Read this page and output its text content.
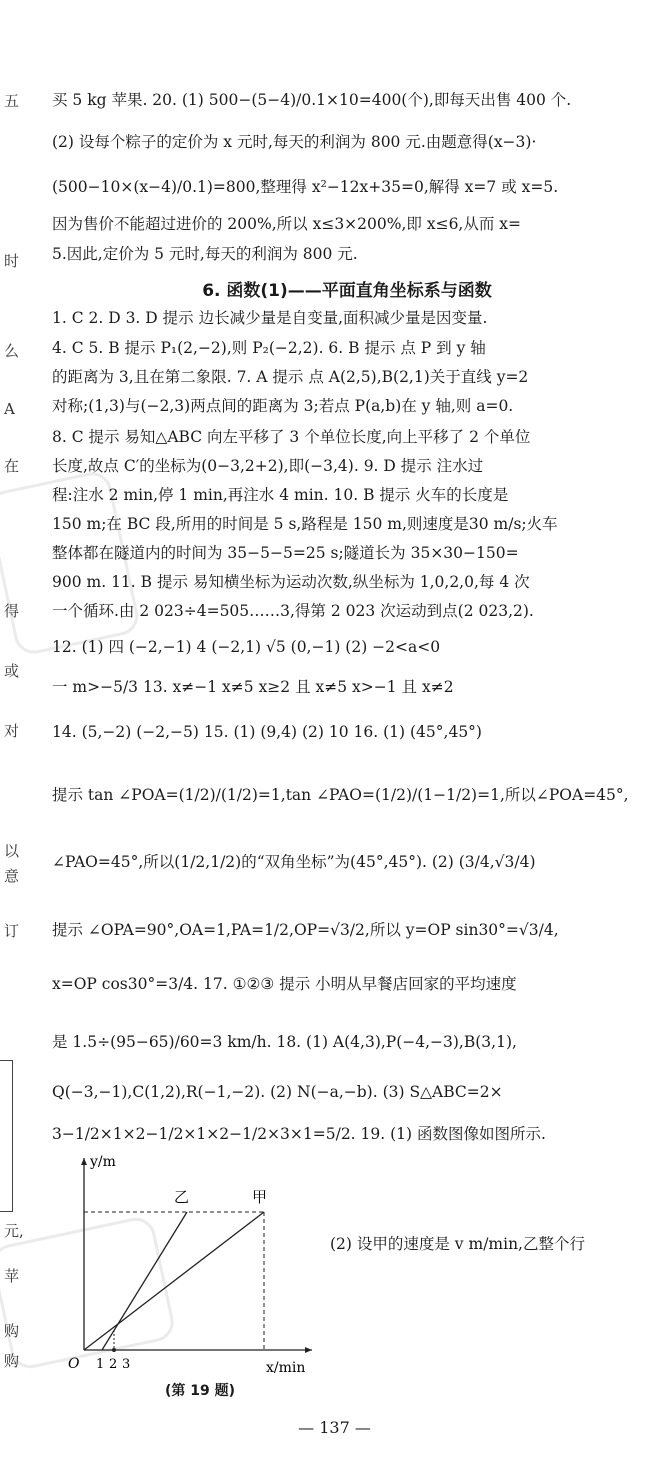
五
时
么
A
在
得
或
对
以
意
订
元,
苹
购
购
买 5 kg 苹果. 20. (1) 500−(5−4)/0.1×10=400(个),即每天出售 400 个.
(2) 设每个粽子的定价为 x 元时,每天的利润为 800 元.由题意得(x−3)·
(500−10×(x−4)/0.1)=800,整理得 x²−12x+35=0,解得 x=7 或 x=5.
因为售价不能超过进价的 200%,所以 x≤3×200%,即 x≤6,从而 x=
5.因此,定价为 5 元时,每天的利润为 800 元.
6. 函数(1)——平面直角坐标系与函数
1. C 2. D 3. D 提示 边长减少量是自变量,面积减少量是因变量.
4. C 5. B 提示 P₁(2,−2),则 P₂(−2,2). 6. B 提示 点 P 到 y 轴
的距离为 3,且在第二象限. 7. A 提示 点 A(2,5),B(2,1)关于直线 y=2
对称;(1,3)与(−2,3)两点间的距离为 3;若点 P(a,b)在 y 轴,则 a=0.
8. C 提示 易知△ABC 向左平移了 3 个单位长度,向上平移了 2 个单位
长度,故点 C′的坐标为(0−3,2+2),即(−3,4). 9. D 提示 注水过
程:注水 2 min,停 1 min,再注水 4 min. 10. B 提示 火车的长度是
150 m;在 BC 段,所用的时间是 5 s,路程是 150 m,则速度是30 m/s;火车
整体都在隧道内的时间为 35−5−5=25 s;隧道长为 35×30−150=
900 m. 11. B 提示 易知横坐标为运动次数,纵坐标为 1,0,2,0,每 4 次
一个循环.由 2 023÷4=505……3,得第 2 023 次运动到点(2 023,2).
12. (1) 四 (−2,−1) 4 (−2,1) √5 (0,−1) (2) −2<a<0
一 m>−5/3 13. x≠−1 x≠5 x≥2 且 x≠5 x>−1 且 x≠2
14. (5,−2) (−2,−5) 15. (1) (9,4) (2) 10 16. (1) (45°,45°)
提示 tan ∠POA=(1/2)/(1/2)=1,tan ∠PAO=(1/2)/(1−1/2)=1,所以∠POA=45°,
∠PAO=45°,所以(1/2,1/2)的“双角坐标”为(45°,45°). (2) (3/4,√3/4)
提示 ∠OPA=90°,OA=1,PA=1/2,OP=√3/2,所以 y=OP sin30°=√3/4,
x=OP cos30°=3/4. 17. ①②③ 提示 小明从早餐店回家的平均速度
是 1.5÷(95−65)/60=3 km/h. 18. (1) A(4,3),P(−4,−3),B(3,1),
Q(−3,−1),C(1,2),R(−1,−2). (2) N(−a,−b). (3) S△ABC=2×
3−1/2×1×2−1/2×1×2−1/2×3×1=5/2. 19. (1) 函数图像如图所示.
y/m
x/min
O 1 2 3
乙	甲
(2) 设甲的速度是 v m/min,乙整个行
(第 19 题)
— 137 —
